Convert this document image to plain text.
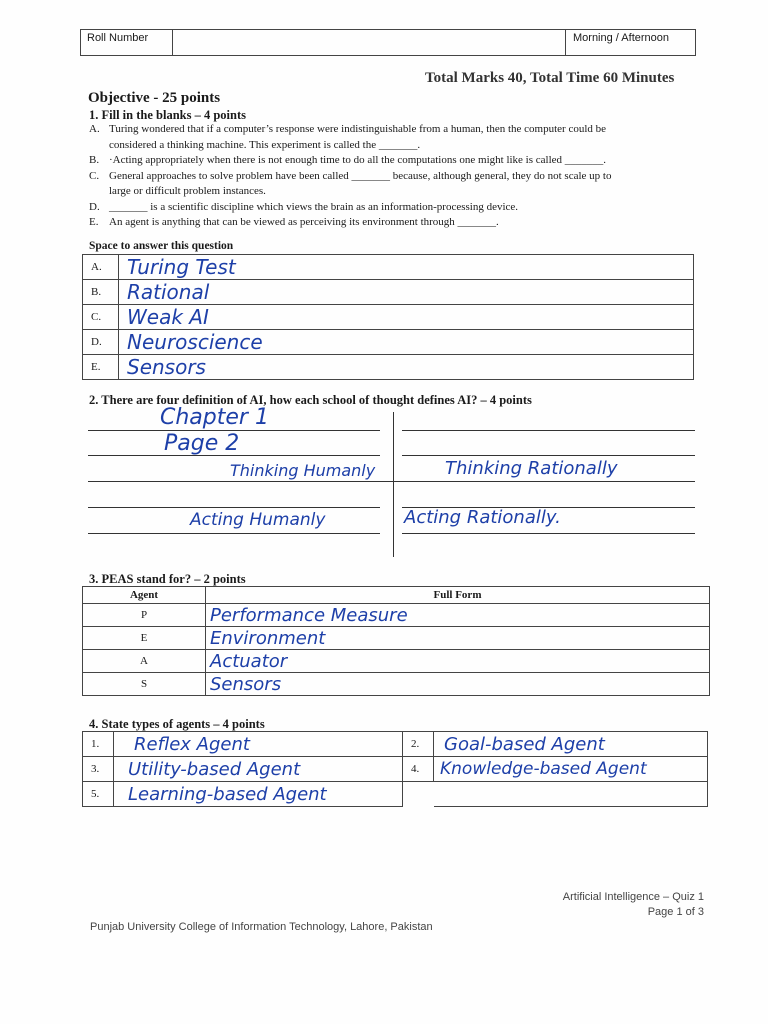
Roll Number	Morning / Afternoon
Total Marks 40, Total Time 60 Minutes
Objective - 25 points
1. Fill in the blanks – 4 points
A. Turing wondered that if a computer’s response were indistinguishable from a human, then the computer could be
considered a thinking machine. This experiment is called the _______.
B. ·Acting appropriately when there is not enough time to do all the computations one might like is called _______.
C. General approaches to solve problem have been called _______ because, although general, they do not scale up to
large or difficult problem instances.
D. _______ is a scientific discipline which views the brain as an information-processing device.
E. An agent is anything that can be viewed as perceiving its environment through _______.
Space to answer this question
A.	Turing Test
B.	Rational
C.	Weak AI
D.	Neuroscience
E.	Sensors
2. There are four definition of AI, how each school of thought defines AI? – 4 points
Chapter 1
Page 2
Thinking Humanly	Thinking Rationally
Acting Humanly	Acting Rationally.
3. PEAS stand for? – 2 points
Agent	Full Form
P	Performance Measure
E	Environment
A	Actuator
S	Sensors
4. State types of agents – 4 points
1.	Reflex Agent	2.	Goal-based Agent
3.	Utility-based Agent	4.	Knowledge-based Agent
5.	Learning-based Agent		
Artificial Intelligence – Quiz 1
Page 1 of 3
Punjab University College of Information Technology, Lahore, Pakistan
